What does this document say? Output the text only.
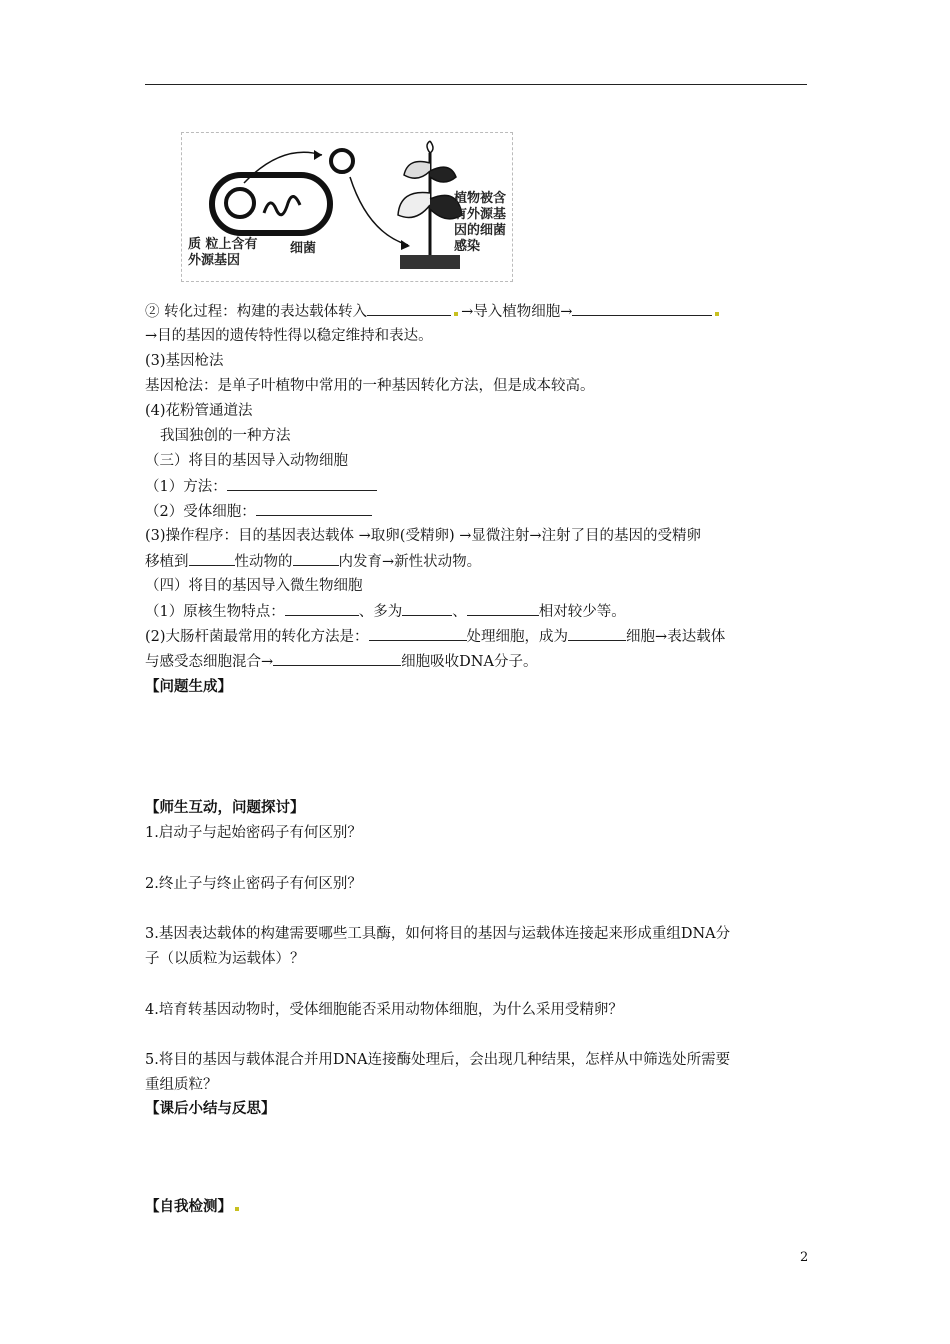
质 粒上含有
外源基因
细菌
植物被含
有外源基
因的细菌
感染
② 转化过程：构建的表达载体转入	→导入植物细胞→
→目的基因的遗传特性得以稳定维持和表达。
(3)基因枪法
基因枪法：是单子叶植物中常用的一种基因转化方法，但是成本较高。
(4)花粉管通道法
我国独创的一种方法
（三）将目的基因导入动物细胞
（1）方法：
（2）受体细胞：
(3)操作程序：目的基因表达载体 →取卵(受精卵) →显微注射→注射了目的基因的受精卵
移植到	性动物的	内发育→新性状动物。
（四）将目的基因导入微生物细胞
（1）原核生物特点：	、多为	、	相对较少等。
(2)大肠杆菌最常用的转化方法是：	处理细胞，成为	细胞→表达载体
与感受态细胞混合→	细胞吸收DNA分子。
【问题生成】
【师生互动，问题探讨】
1.启动子与起始密码子有何区别？
2.终止子与终止密码子有何区别？
3.基因表达载体的构建需要哪些工具酶，如何将目的基因与运载体连接起来形成重组DNA分
子（以质粒为运载体）？
4.培育转基因动物时，受体细胞能否采用动物体细胞，为什么采用受精卵？
5.将目的基因与载体混合并用DNA连接酶处理后，会出现几种结果，怎样从中筛选处所需要
重组质粒？
【课后小结与反思】
【自我检测】
2
